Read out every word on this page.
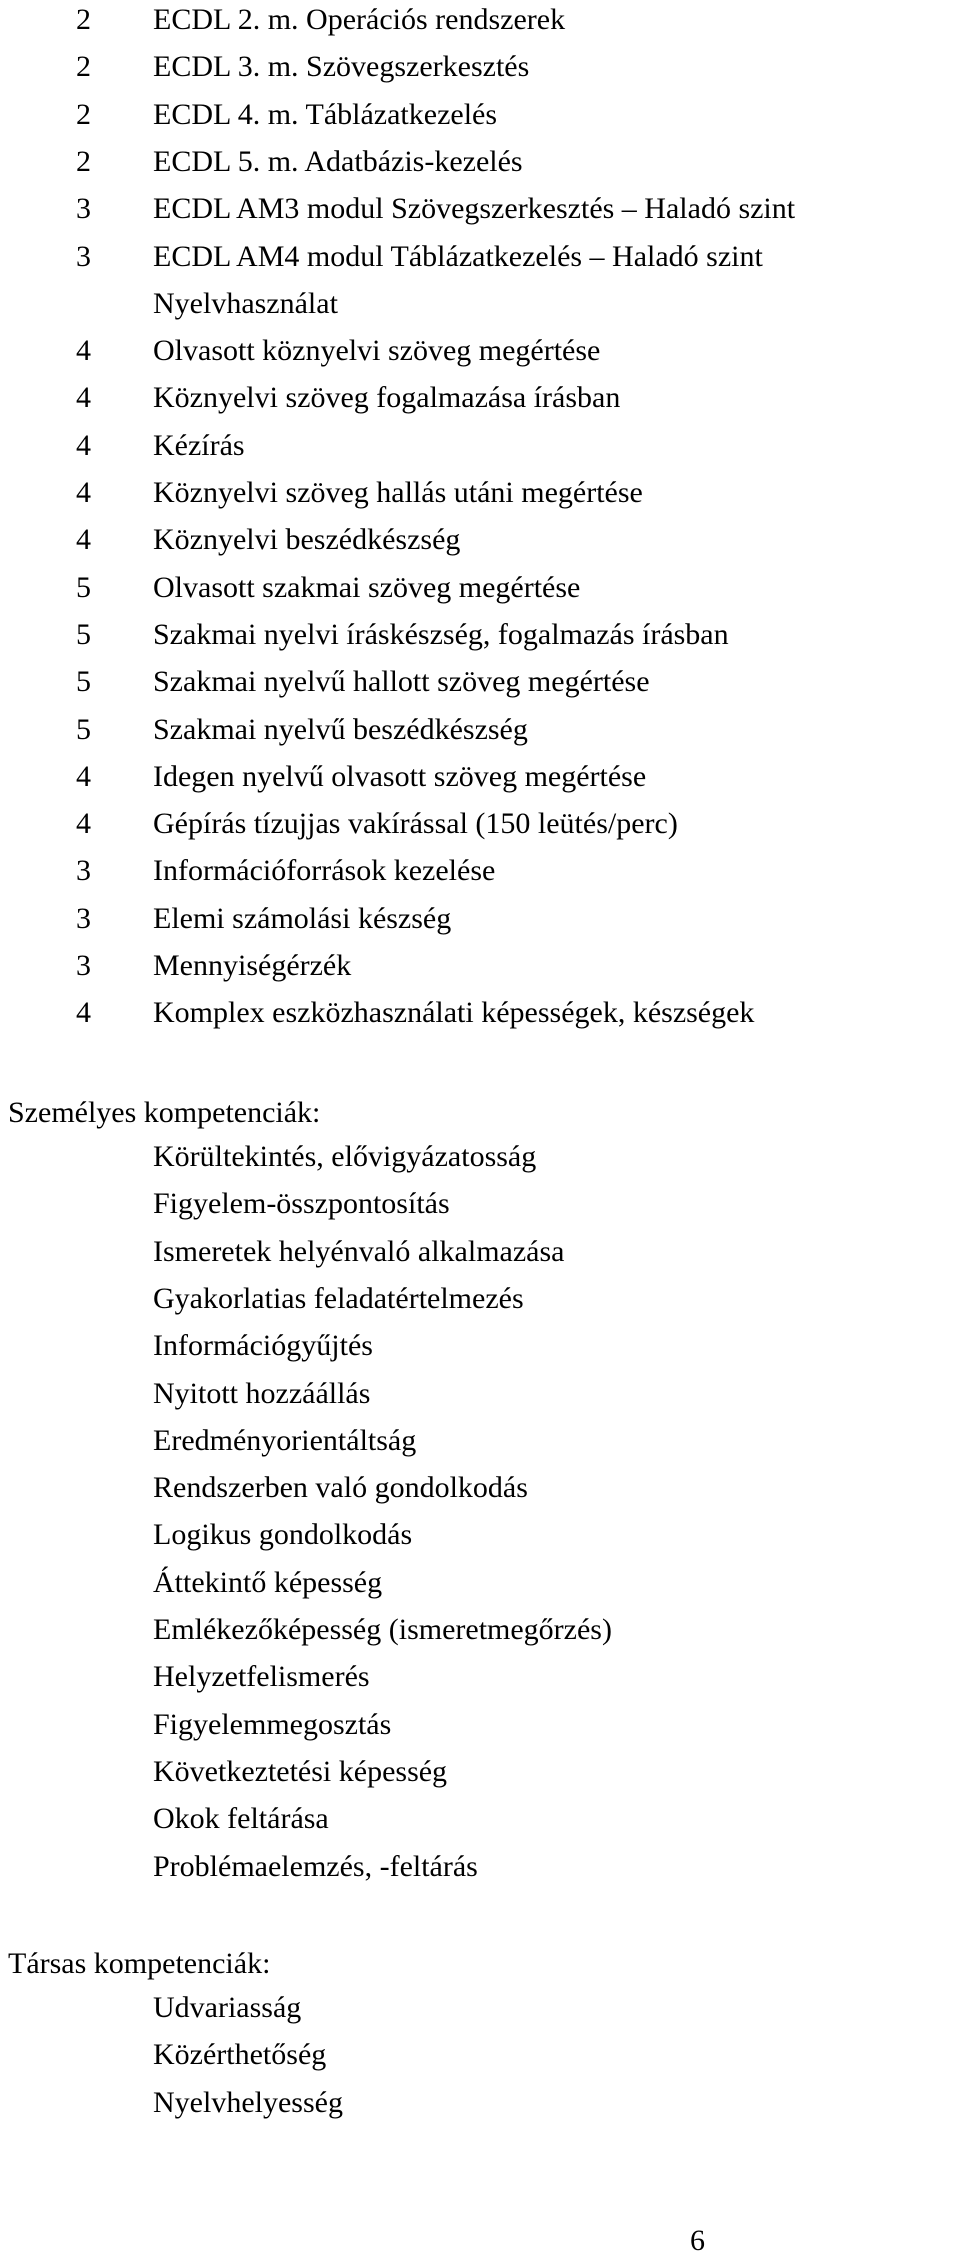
2	ECDL 2. m. Operációs rendszerek
2	ECDL 3. m. Szövegszerkesztés
2	ECDL 4. m. Táblázatkezelés
2	ECDL 5. m. Adatbázis-kezelés
3	ECDL AM3 modul Szövegszerkesztés – Haladó szint
3	ECDL AM4 modul Táblázatkezelés – Haladó szint
Nyelvhasználat
4	Olvasott köznyelvi szöveg megértése
4	Köznyelvi szöveg fogalmazása írásban
4	Kézírás
4	Köznyelvi szöveg hallás utáni megértése
4	Köznyelvi beszédkészség
5	Olvasott szakmai szöveg megértése
5	Szakmai nyelvi íráskészség, fogalmazás írásban
5	Szakmai nyelvű hallott szöveg megértése
5	Szakmai nyelvű beszédkészség
4	Idegen nyelvű olvasott szöveg megértése
4	Gépírás tízujjas vakírással (150 leütés/perc)
3	Információforrások kezelése
3	Elemi számolási készség
3	Mennyiségérzék
4	Komplex eszközhasználati képességek, készségek
Személyes kompetenciák:
Körültekintés, elővigyázatosság
Figyelem-összpontosítás
Ismeretek helyénvaló alkalmazása
Gyakorlatias feladatértelmezés
Információgyűjtés
Nyitott hozzáállás
Eredményorientáltság
Rendszerben való gondolkodás
Logikus gondolkodás
Áttekintő képesség
Emlékezőképesség (ismeretmegőrzés)
Helyzetfelismerés
Figyelemmegosztás
Következtetési képesség
Okok feltárása
Problémaelemzés, -feltárás
Társas kompetenciák:
Udvariasság
Közérthetőség
Nyelvhelyesség
6
